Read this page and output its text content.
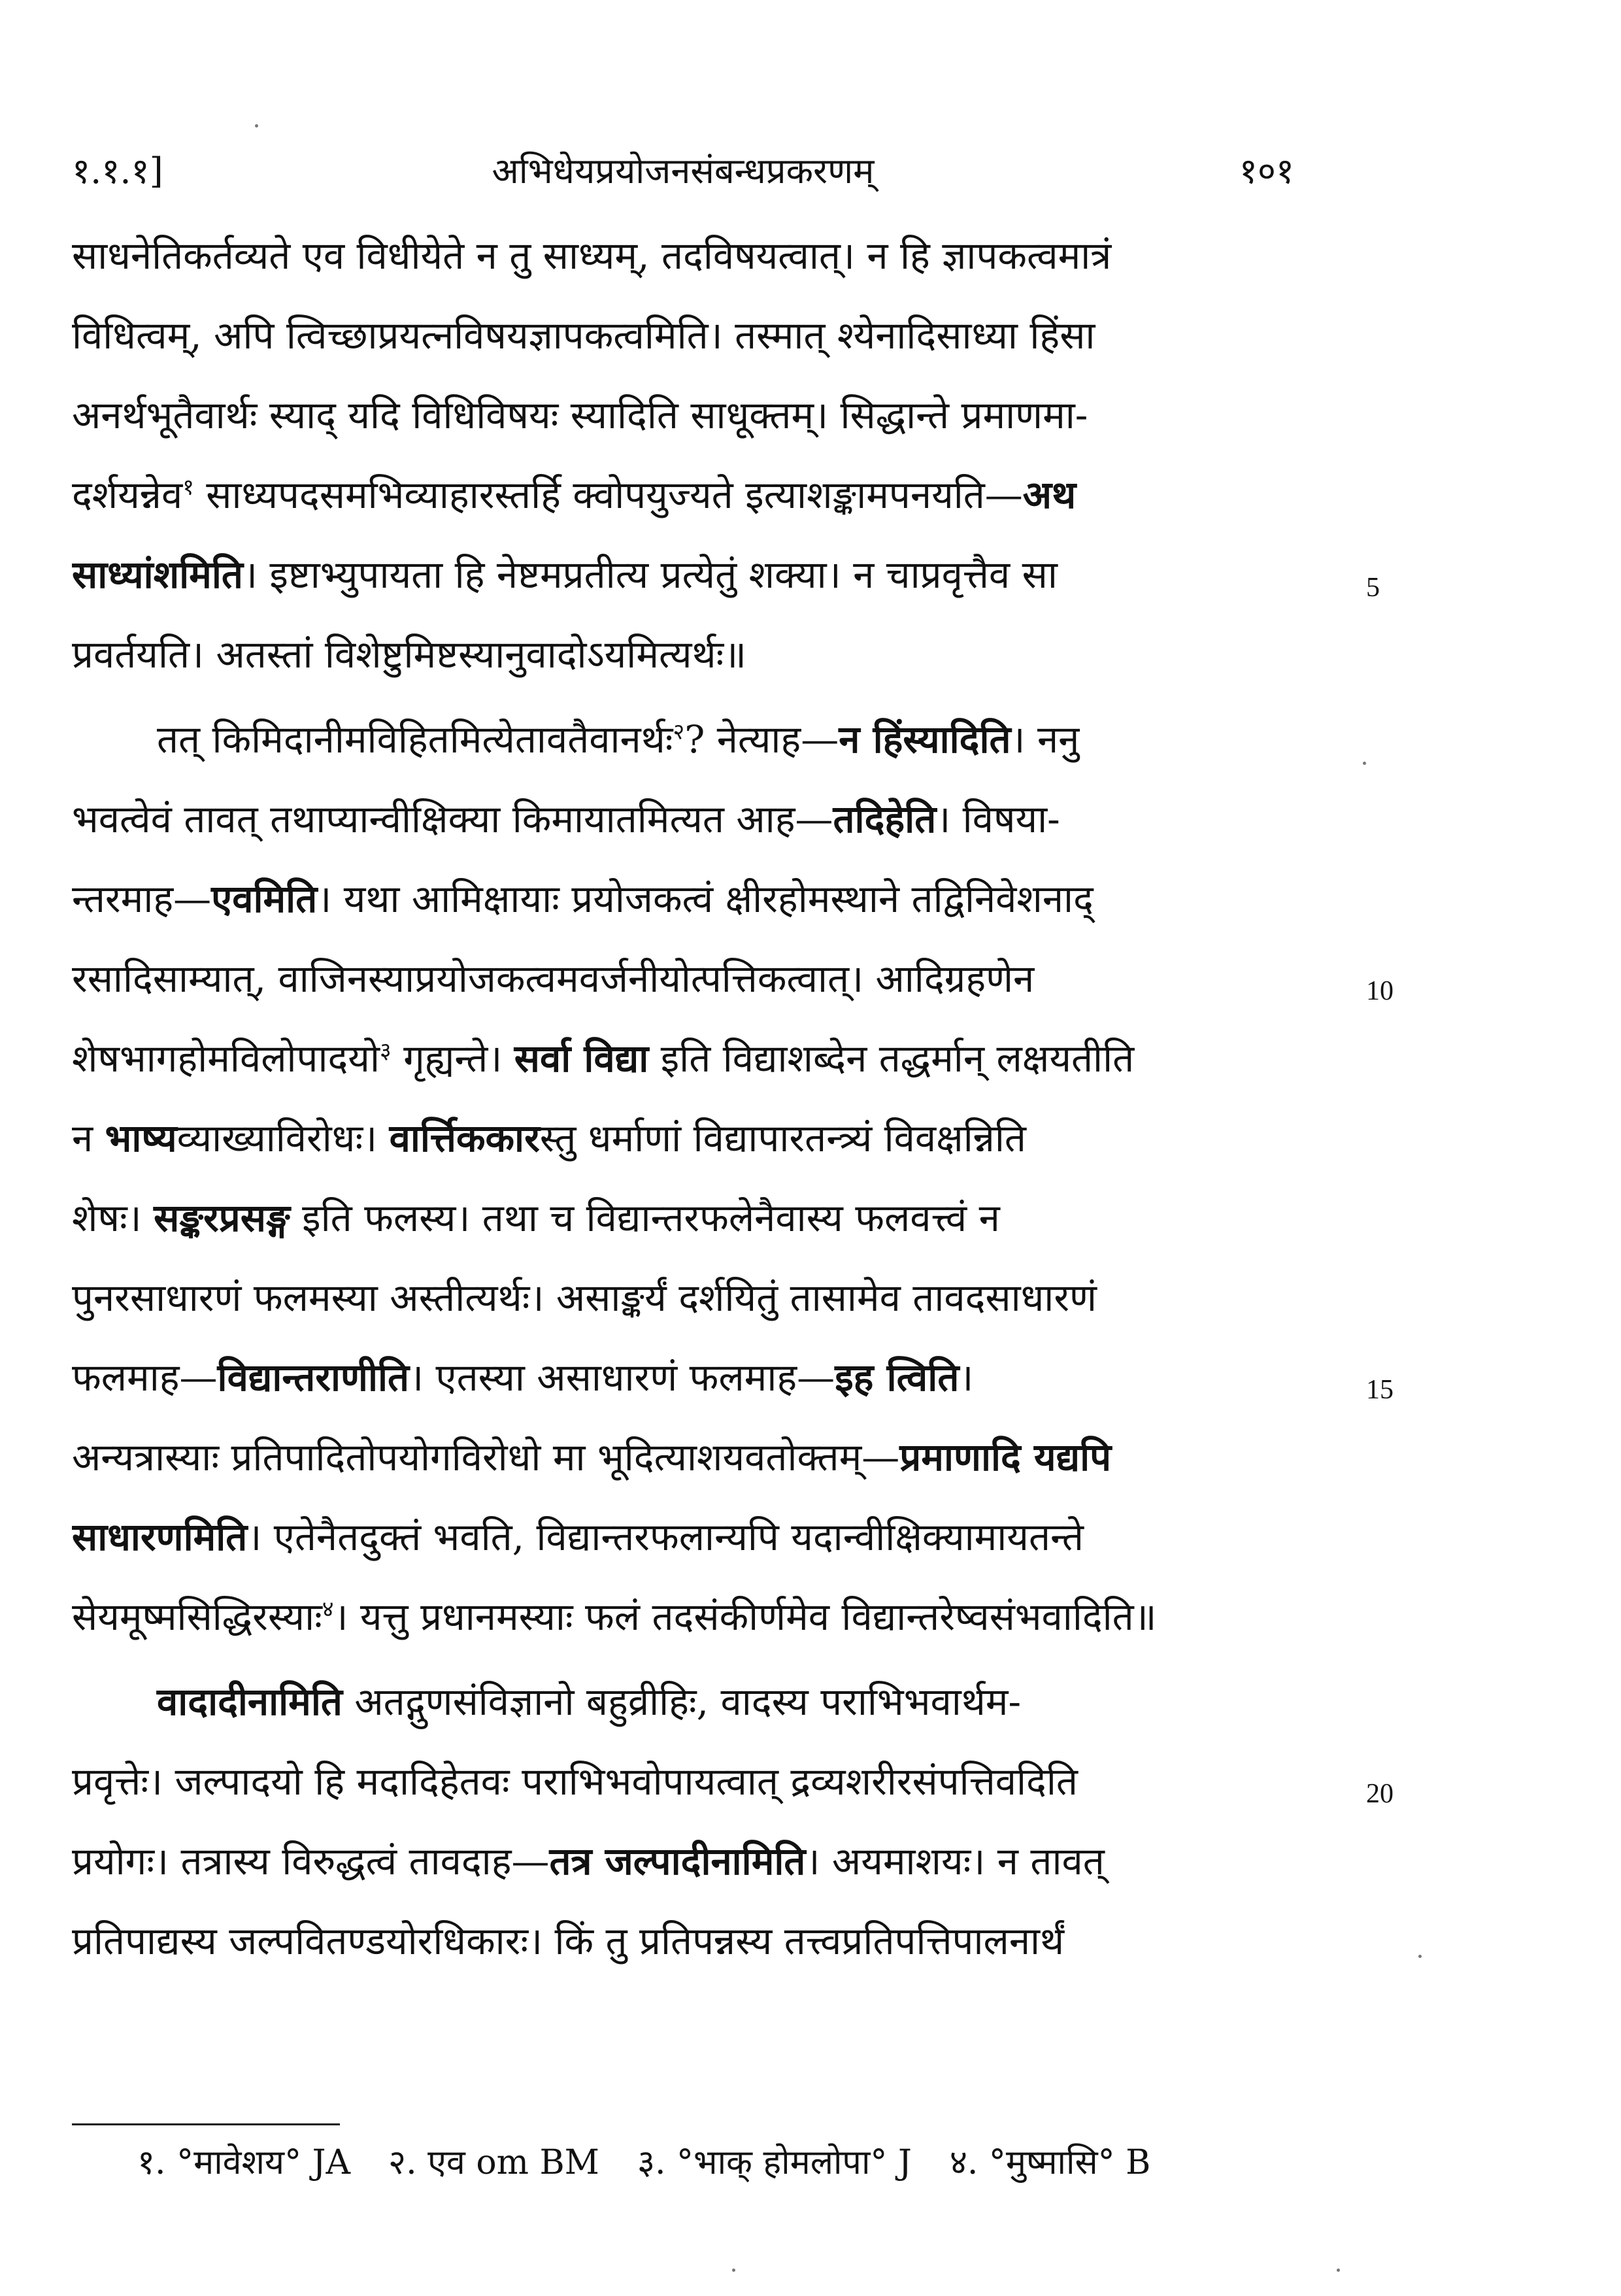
१.१.१]	अभिधेयप्रयोजनसंबन्धप्रकरणम्	१०१
साधनेतिकर्तव्यते एव विधीयेते न तु साध्यम्, तदविषयत्वात्। न हि ज्ञापकत्वमात्रं
विधित्वम्, अपि त्विच्छाप्रयत्नविषयज्ञापकत्वमिति। तस्मात् श्येनादिसाध्या हिंसा
अनर्थभूतैवार्थः स्याद् यदि विधिविषयः स्यादिति साधूक्तम्। सिद्धान्ते प्रमाणमा-
दर्शयन्नेव$^१$ साध्यपदसमभिव्याहारस्तर्हि क्वोपयुज्यते इत्याशङ्कामपनयति—अथ
साध्यांशमिति। इष्टाभ्युपायता हि नेष्टमप्रतीत्य प्रत्येतुं शक्या। न चाप्रवृत्तैव सा
प्रवर्तयति। अतस्तां विशेष्टुमिष्टस्यानुवादोऽयमित्यर्थः॥
तत् किमिदानीमविहितमित्येतावतैवानर्थः$^२$? नेत्याह—न हिंस्यादिति। ननु
भवत्वेवं तावत् तथाप्यान्वीक्षिक्या किमायातमित्यत आह—तदिहेति। विषया-
न्तरमाह—एवमिति। यथा आमिक्षायाः प्रयोजकत्वं क्षीरहोमस्थाने तद्विनिवेशनाद्
रसादिसाम्यात्, वाजिनस्याप्रयोजकत्वमवर्जनीयोत्पत्तिकत्वात्। आदिग्रहणेन
शेषभागहोमविलोपादयो$^३$ गृह्यन्ते। सर्वा विद्या इति विद्याशब्देन तद्धर्मान् लक्षयतीति
न भाष्यव्याख्याविरोधः। वार्त्तिककारस्तु धर्माणां विद्यापारतन्त्र्यं विवक्षन्निति
शेषः। सङ्करप्रसङ्ग इति फलस्य। तथा च विद्यान्तरफलेनैवास्य फलवत्त्वं न
पुनरसाधारणं फलमस्या अस्तीत्यर्थः। असाङ्कर्यं दर्शयितुं तासामेव तावदसाधारणं
फलमाह—विद्यान्तराणीति। एतस्या असाधारणं फलमाह—इह त्विति।
अन्यत्रास्याः प्रतिपादितोपयोगविरोधो मा भूदित्याशयवतोक्तम्—प्रमाणादि यद्यपि
साधारणमिति। एतेनैतदुक्तं भवति, विद्यान्तरफलान्यपि यदान्वीक्षिक्यामायतन्ते
सेयमूष्मसिद्धिरस्याः$^४$। यत्तु प्रधानमस्याः फलं तदसंकीर्णमेव विद्यान्तरेष्वसंभवादिति॥
वादादीनामिति अतद्गुणसंविज्ञानो बहुव्रीहिः, वादस्य पराभिभवार्थम-
प्रवृत्तेः। जल्पादयो हि मदादिहेतवः पराभिभवोपायत्वात् द्रव्यशरीरसंपत्तिवदिति
प्रयोगः। तत्रास्य विरुद्धत्वं तावदाह—तत्र जल्पादीनामिति। अयमाशयः। न तावत्
प्रतिपाद्यस्य जल्पवितण्डयोरधिकारः। किं तु प्रतिपन्नस्य तत्त्वप्रतिपत्तिपालनार्थं
5
10
15
20
१. °मावेशय° JA २. एव om BM ३. °भाक् होमलोपा° J ४. °मुष्मासि° B
